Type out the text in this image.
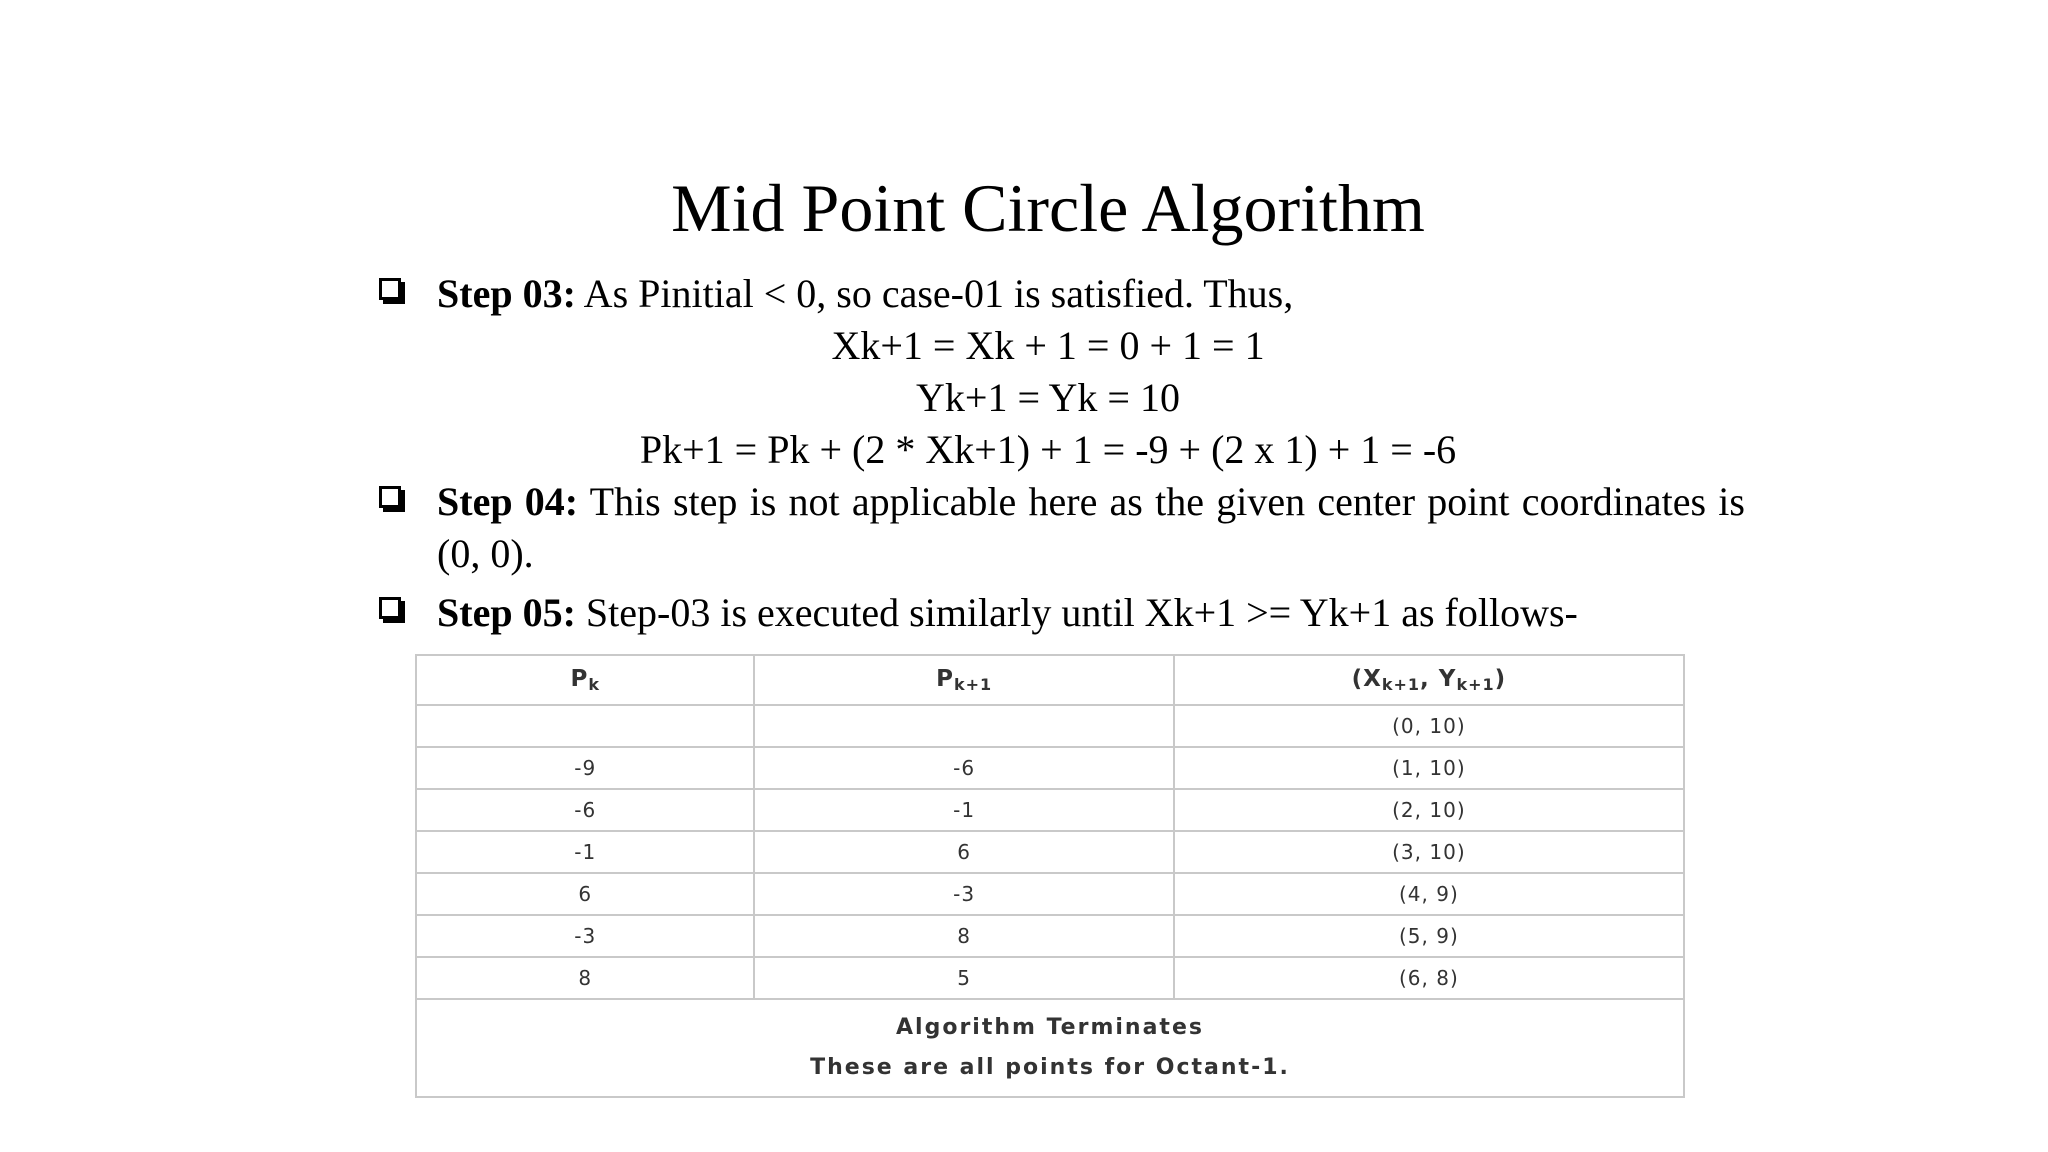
Mid Point Circle Algorithm
Step 03: As Pinitial < 0, so case-01 is satisfied. Thus,
Xk+1 = Xk + 1 = 0 + 1 = 1
Yk+1 = Yk = 10
Pk+1 = Pk + (2 * Xk+1) + 1 = -9 + (2 x 1) + 1 = -6
Step 04: This step is not applicable here as the given center point coordinates is (0, 0).
Step 05: Step-03 is executed similarly until Xk+1 >= Yk+1 as follows-
$P_k$	$P_{k+1}$	($X_{k+1}$, $Y_{k+1}$)
		(0, 10)
-9	-6	(1, 10)
-6	-1	(2, 10)
-1	6	(3, 10)
6	-3	(4, 9)
-3	8	(5, 9)
8	5	(6, 8)

Algorithm Terminates
These are all points for Octant-1.		
